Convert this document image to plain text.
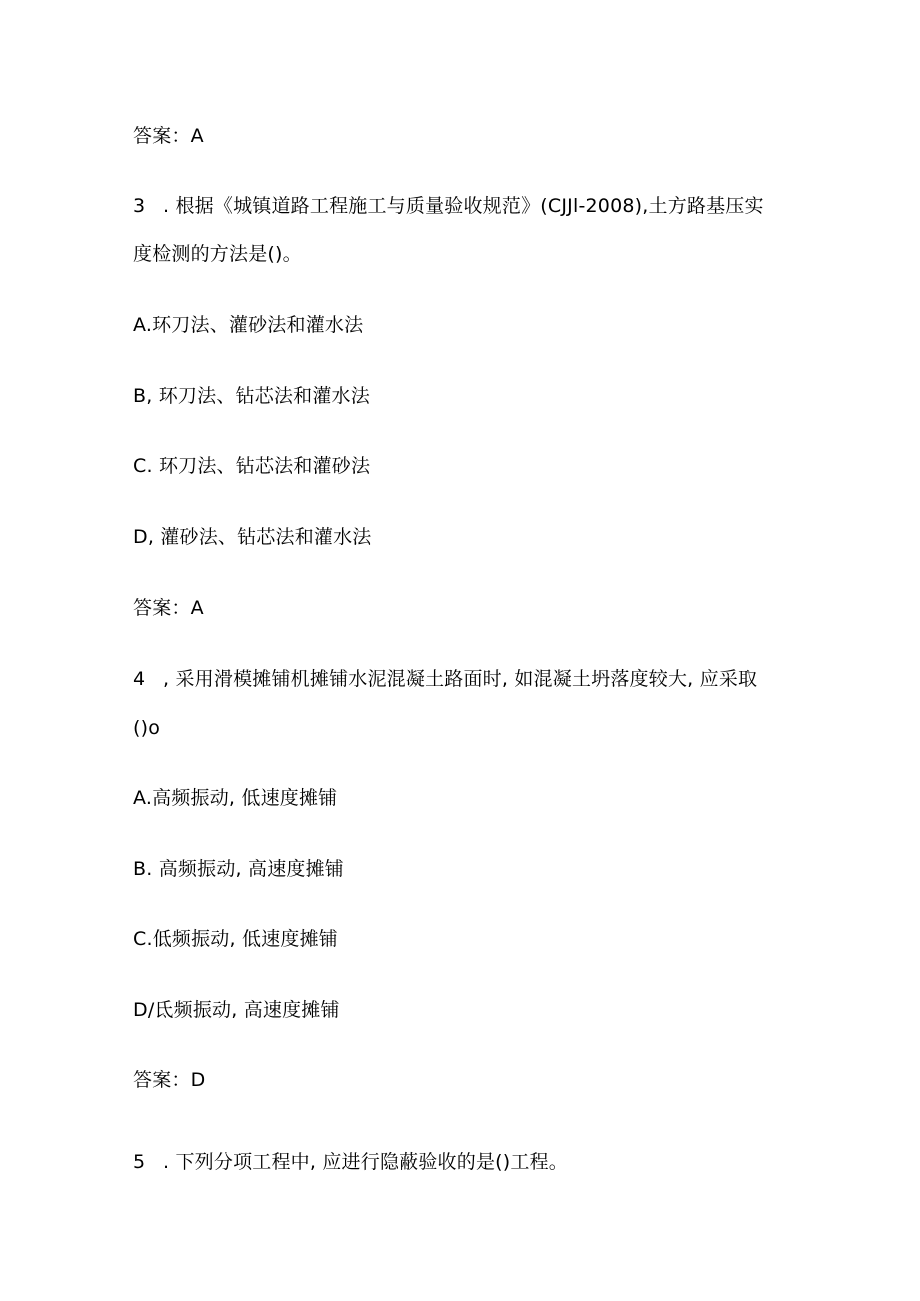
答案：A
3 . 根据《城镇道路工程施工与质量验收规范》(CJJl-2008),土方路基压实
度检测的方法是()。
A.环刀法、灌砂法和灌水法
B, 环刀法、钻芯法和灌水法
C. 环刀法、钻芯法和灌砂法
D, 灌砂法、钻芯法和灌水法
答案：A
4 , 采用滑模摊铺机摊铺水泥混凝土路面时, 如混凝土坍落度较大, 应采取
()o
A.高频振动, 低速度摊铺
B. 高频振动, 高速度摊铺
C.低频振动, 低速度摊铺
D/氐频振动, 高速度摊铺
答案：D
5 . 下列分项工程中, 应进行隐蔽验收的是()工程。
